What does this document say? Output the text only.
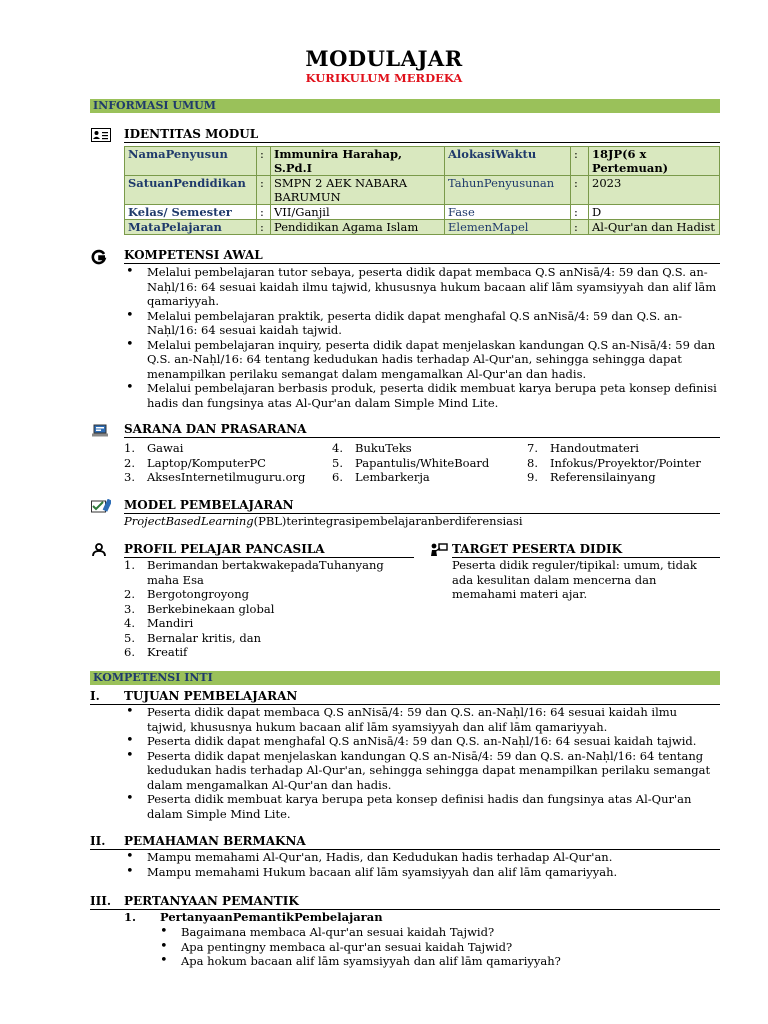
MODULAJAR
KURIKULUM MERDEKA
INFORMASI UMUM
IDENTITAS MODUL
NamaPenyusun	:	Immunira Harahap, S.Pd.I	AlokasiWaktu	:	18JP(6 x Pertemuan)
SatuanPendidikan	:	SMPN 2 AEK NABARA BARUMUN	TahunPenyusunan	:	2023
Kelas/ Semester	:	VII/Ganjil	Fase	:	D
MataPelajaran	:	Pendidikan Agama Islam	ElemenMapel	:	Al-Qur'an dan Hadist
KOMPETENSI AWAL
• Melalui pembelajaran tutor sebaya, peserta didik dapat membaca Q.S anNisā/4: 59 dan Q.S. an-Naḥl/16: 64 sesuai kaidah ilmu tajwid, khususnya hukum bacaan alif lām syamsiyyah dan alif lām qamariyyah.
• Melalui pembelajaran praktik, peserta didik dapat menghafal Q.S anNisā/4: 59 dan Q.S. an-Naḥl/16: 64 sesuai kaidah tajwid.
• Melalui pembelajaran inquiry, peserta didik dapat menjelaskan kandungan Q.S an-Nisā/4: 59 dan Q.S. an-Naḥl/16: 64 tentang kedudukan hadis terhadap Al-Qur'an, sehingga sehingga dapat menampilkan perilaku semangat dalam mengamalkan Al-Qur'an dan hadis.
• Melalui pembelajaran berbasis produk, peserta didik membuat karya berupa peta konsep definisi hadis dan fungsinya atas Al-Qur'an dalam Simple Mind Lite.
SARANA DAN PRASARANA
1. Gawai
2. Laptop/KomputerPC
3. AksesInternetilmuguru.org
4. BukuTeks
5. Papantulis/WhiteBoard
6. Lembarkerja
7. Handoutmateri
8. Infokus/Proyektor/Pointer
9. Referensilainyang
MODEL PEMBELAJARAN
ProjectBasedLearning(PBL)terintegrasipembelajaranberdiferensiasi
PROFIL PELAJAR PANCASILA
1. Berimandan bertakwakepadaTuhanyang maha Esa
2. Bergotongroyong
3. Berkebinekaan global
4. Mandiri
5. Bernalar kritis, dan
6. Kreatif
TARGET PESERTA DIDIK
Peserta didik reguler/tipikal: umum, tidak ada kesulitan dalam mencerna dan memahami materi ajar.
KOMPETENSI INTI
I.	TUJUAN PEMBELAJARAN
• Peserta didik dapat membaca Q.S anNisā/4: 59 dan Q.S. an-Naḥl/16: 64 sesuai kaidah ilmu tajwid, khususnya hukum bacaan alif lām syamsiyyah dan alif lām qamariyyah.
• Peserta didik dapat menghafal Q.S anNisā/4: 59 dan Q.S. an-Naḥl/16: 64 sesuai kaidah tajwid.
• Peserta didik dapat menjelaskan kandungan Q.S an-Nisā/4: 59 dan Q.S. an-Naḥl/16: 64 tentang kedudukan hadis terhadap Al-Qur'an, sehingga sehingga dapat menampilkan perilaku semangat dalam mengamalkan Al-Qur'an dan hadis.
• Peserta didik membuat karya berupa peta konsep definisi hadis dan fungsinya atas Al-Qur'an dalam Simple Mind Lite.
II.	PEMAHAMAN BERMAKNA
• Mampu memahami Al-Qur'an, Hadis, dan Kedudukan hadis terhadap Al-Qur'an.
• Mampu memahami Hukum bacaan alif lām syamsiyyah dan alif lām qamariyyah.
III.	PERTANYAAN PEMANTIK
1. PertanyaanPemantikPembelajaran
• Bagaimana membaca Al-qur'an sesuai kaidah Tajwid?
• Apa pentingny membaca al-qur'an sesuai kaidah Tajwid?
• Apa hokum bacaan alif lām syamsiyyah dan alif lām qamariyyah?
